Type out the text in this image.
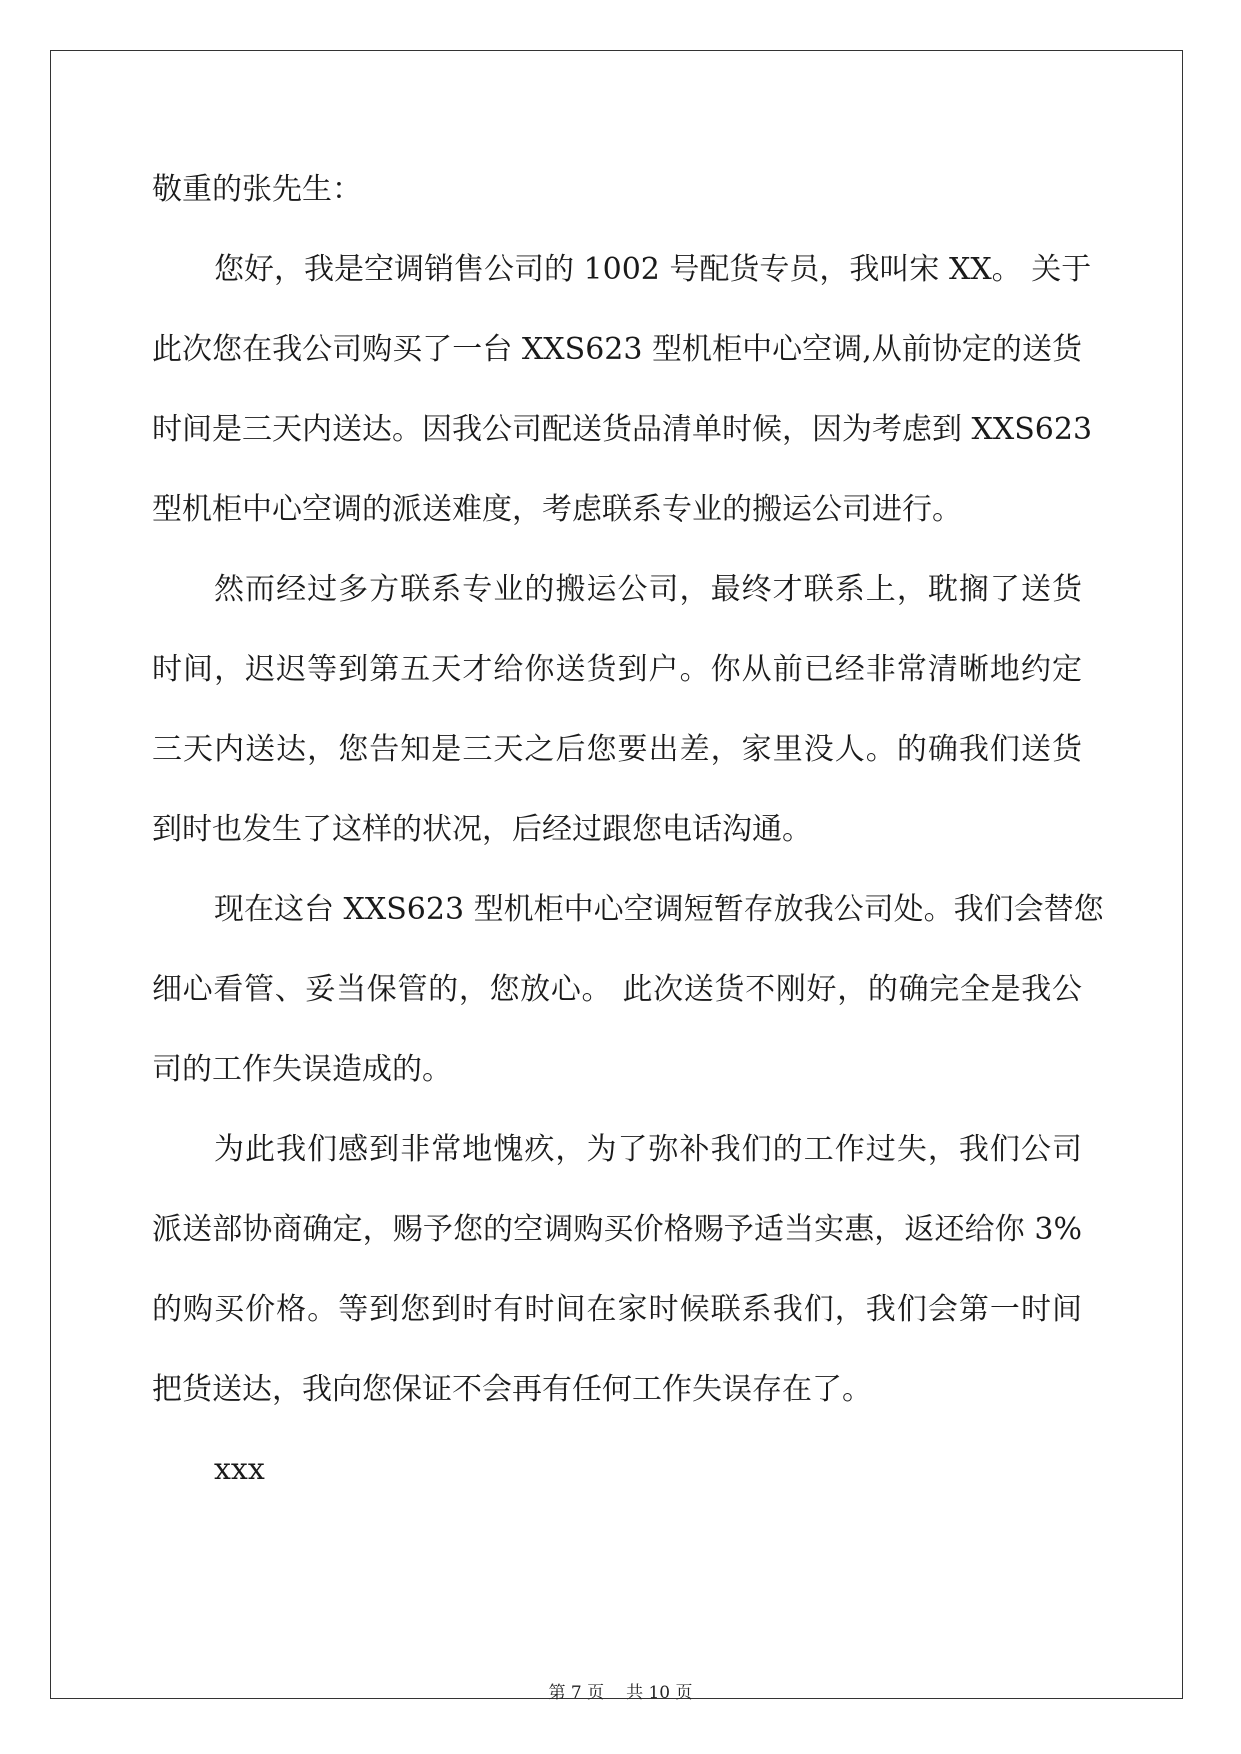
敬重的张先生：
您好，我是空调销售公司的 1002 号配货专员，我叫宋 XX。 关于
此次您在我公司购买了一台 XXS623 型机柜中心空调,从前协定的送货
时间是三天内送达。因我公司配送货品清单时候，因为考虑到 XXS623
型机柜中心空调的派送难度，考虑联系专业的搬运公司进行。
然而经过多方联系专业的搬运公司，最终才联系上，耽搁了送货
时间，迟迟等到第五天才给你送货到户。你从前已经非常清晰地约定
三天内送达，您告知是三天之后您要出差，家里没人。的确我们送货
到时也发生了这样的状况，后经过跟您电话沟通。
现在这台 XXS623 型机柜中心空调短暂存放我公司处。我们会替您
细心看管、妥当保管的，您放心。 此次送货不刚好，的确完全是我公
司的工作失误造成的。
为此我们感到非常地愧疚，为了弥补我们的工作过失，我们公司
派送部协商确定，赐予您的空调购买价格赐予适当实惠，返还给你 3%
的购买价格。等到您到时有时间在家时候联系我们，我们会第一时间
把货送达，我向您保证不会再有任何工作失误存在了。
xxx
第 7 页 共 10 页
